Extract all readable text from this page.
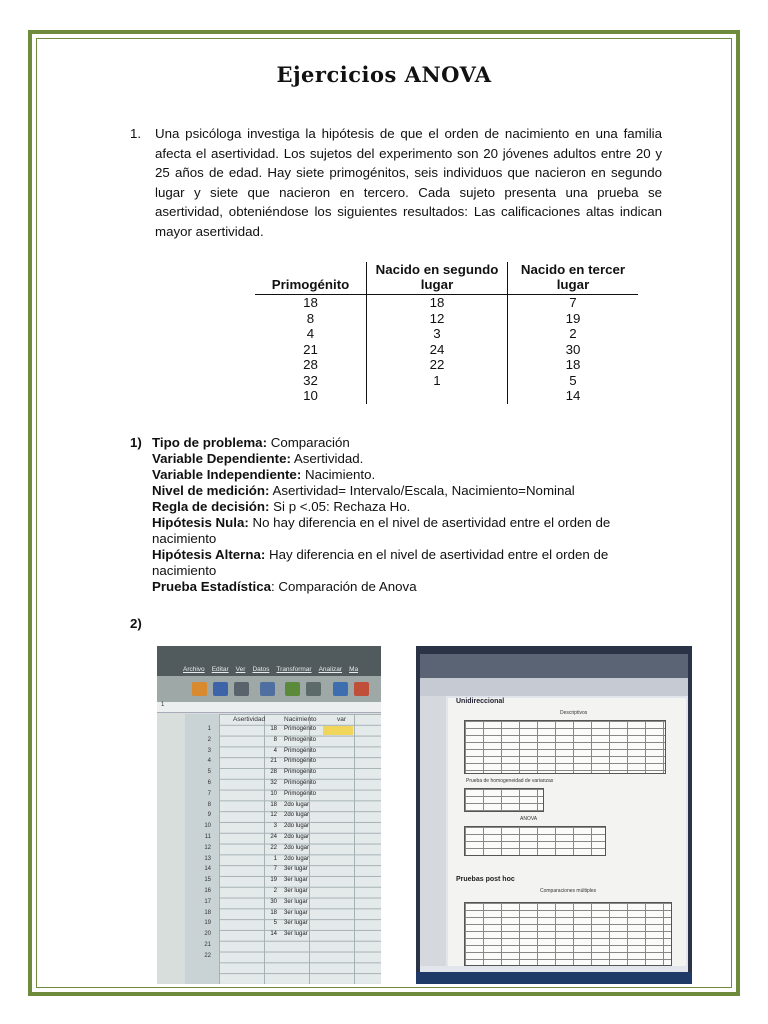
Ejercicios ANOVA
1. Una psicóloga investiga la hipótesis de que el orden de nacimiento en una familia afecta el asertividad. Los sujetos del experimento son 20 jóvenes adultos entre 20 y 25 años de edad. Hay siete primogénitos, seis individuos que nacieron en segundo lugar y siete que nacieron en tercero. Cada sujeto presenta una prueba se asertividad, obteniéndose los siguientes resultados: Las calificaciones altas indican mayor asertividad.
Primogénito	Nacido en segundo lugar	Nacido en tercer lugar
18	18	7
8	12	19
4	3	2
21	24	30
28	22	18
32	1	5
10		14
1) Tipo de problema: Comparación
Variable Dependiente: Asertividad.
Variable Independiente: Nacimiento.
Nivel de medición: Asertividad= Intervalo/Escala, Nacimiento=Nominal
Regla de decisión: Si p <.05: Rechaza Ho.
Hipótesis Nula: No hay diferencia en el nivel de asertividad entre el orden de nacimiento
Hipótesis Alterna: Hay diferencia en el nivel de asertividad entre el orden de nacimiento
Prueba Estadística: Comparación de Anova
2)
Archivo Editar Ver Datos Transformar Analizar Ma
1
Asertividad	Nacimiento	var
1	18 Primogénito
2	8 Primogénito
3	4 Primogénito
4	21 Primogénito
5	28 Primogénito
6	32 Primogénito
7	10 Primogénito
8	18 2do lugar
9	12 2do lugar
10	3 2do lugar
11	24 2do lugar
12	22 2do lugar
13	1 2do lugar
14	7 3er lugar
15	19 3er lugar
16	2 3er lugar
17	30 3er lugar
18	18 3er lugar
19	5 3er lugar
20	14 3er lugar
21
22
Unidireccional
Descriptivos
Prueba de homogeneidad de varianzas
ANOVA
Pruebas post hoc
Comparaciones múltiples
